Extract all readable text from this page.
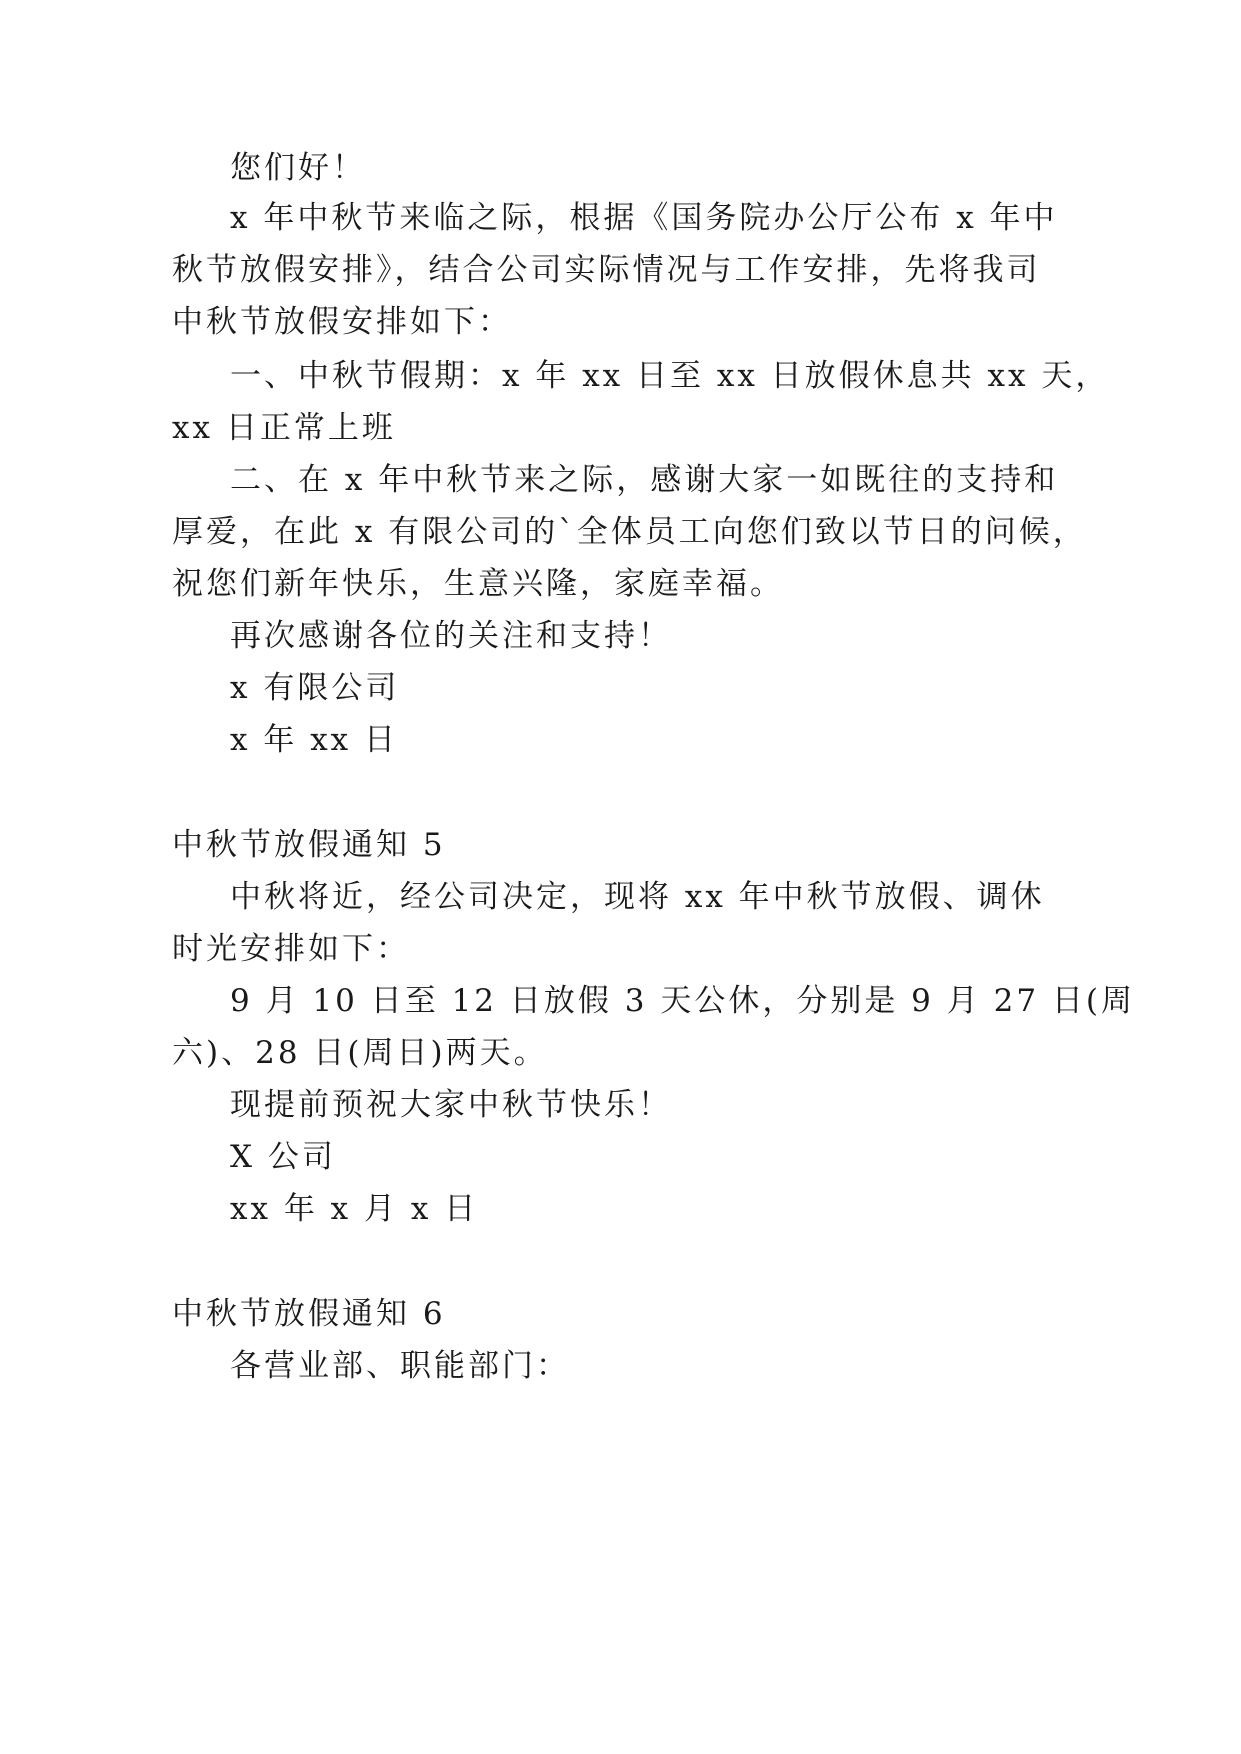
您们好！
x 年中秋节来临之际，根据《国务院办公厅公布 x 年中
秋节放假安排》，结合公司实际情况与工作安排，先将我司
中秋节放假安排如下：
一、中秋节假期：x 年 xx 日至 xx 日放假休息共 xx 天，
xx 日正常上班
二、在 x 年中秋节来之际，感谢大家一如既往的支持和
厚爱，在此 x 有限公司的`全体员工向您们致以节日的问候，
祝您们新年快乐，生意兴隆，家庭幸福。
再次感谢各位的关注和支持！
x 有限公司
x 年 xx 日
中秋节放假通知 5
中秋将近，经公司决定，现将 xx 年中秋节放假、调休
时光安排如下：
9 月 10 日至 12 日放假 3 天公休，分别是 9 月 27 日(周
六)、28 日(周日)两天。
现提前预祝大家中秋节快乐！
X 公司
xx 年 x 月 x 日
中秋节放假通知 6
各营业部、职能部门：
